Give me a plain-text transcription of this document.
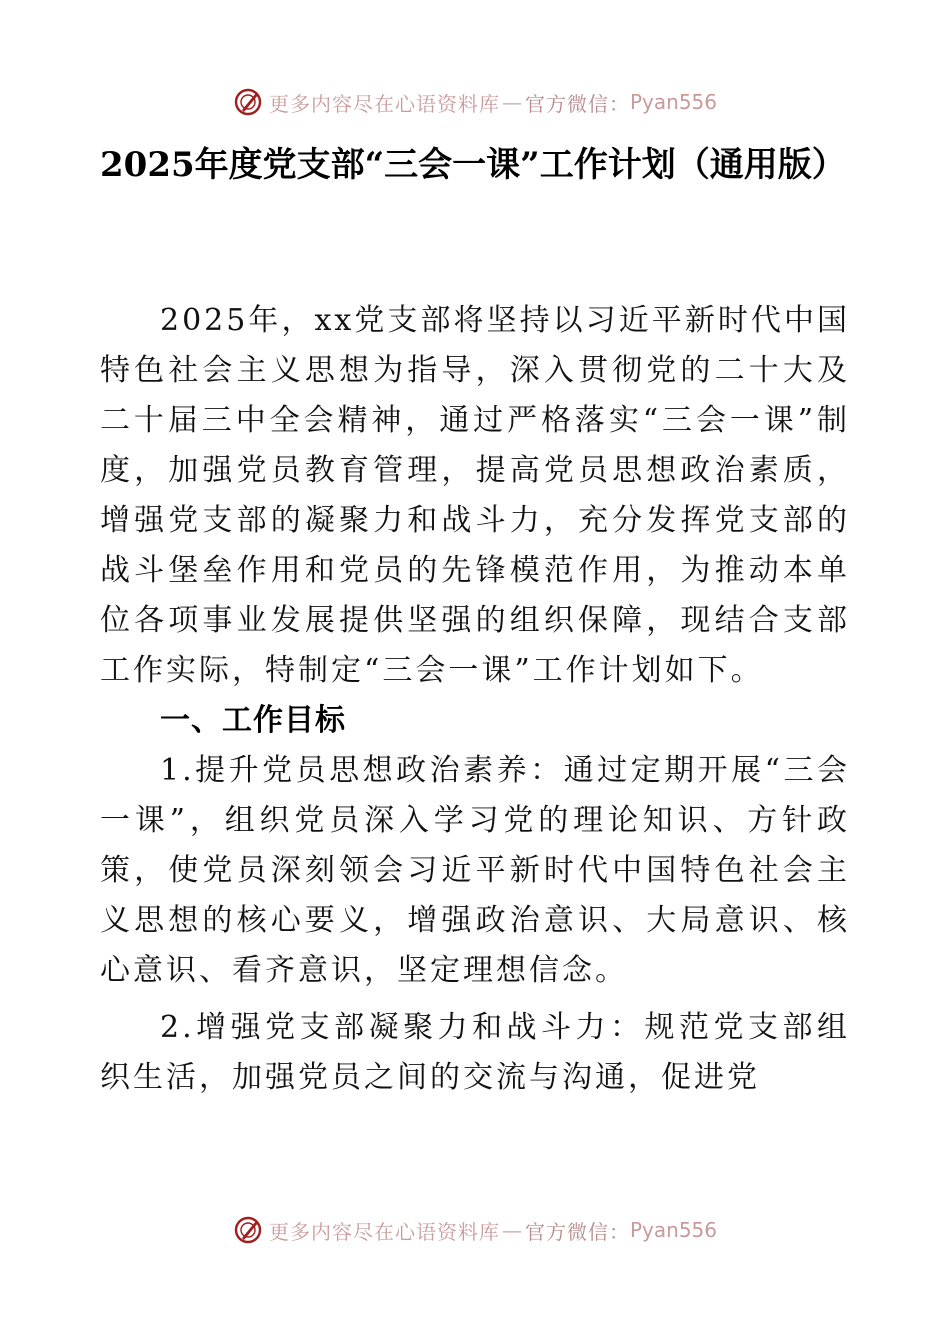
更多内容尽在心语资料库 — 官方微信： Pyan556
2025年度党支部“三会一课”工作计划（通用版）

2025年，xx党支部将坚持以习近平新时代中国特色社会主义思想为指导，深入贯彻党的二十大及二十届三中全会精神，通过严格落实“三会一课”制度，加强党员教育管理，提高党员思想政治素质，增强党支部的凝聚力和战斗力，充分发挥党支部的战斗堡垒作用和党员的先锋模范作用，为推动本单位各项事业发展提供坚强的组织保障，现结合支部工作实际，特制定“三会一课”工作计划如下。

一、工作目标

1.提升党员思想政治素养：通过定期开展“三会一课”，组织党员深入学习党的理论知识、方针政策，使党员深刻领会习近平新时代中国特色社会主义思想的核心要义，增强政治意识、大局意识、核心意识、看齐意识，坚定理想信念。

2.增强党支部凝聚力和战斗力：规范党支部组织生活，加强党员之间的交流与沟通，促进党

更多内容尽在心语资料库 — 官方微信： Pyan556
